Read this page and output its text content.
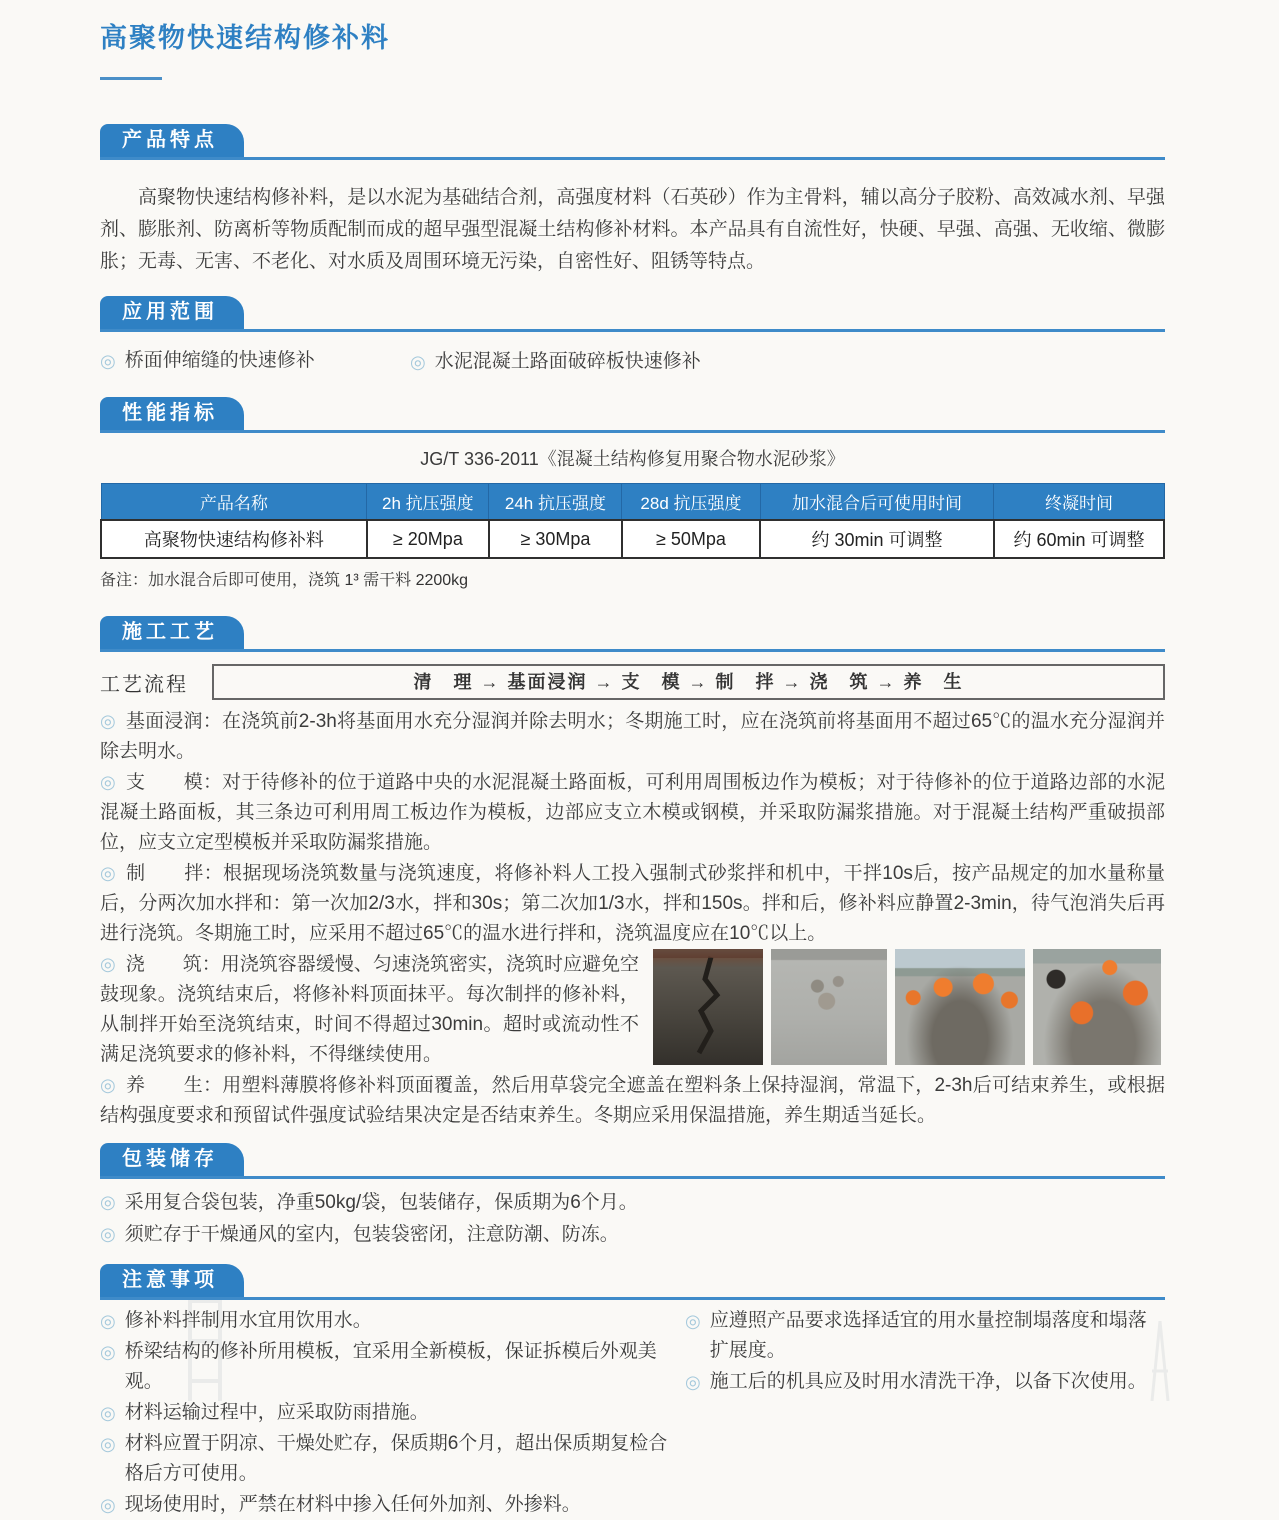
高聚物快速结构修补料
产品特点

高聚物快速结构修补料，是以水泥为基础结合剂，高强度材料（石英砂）作为主骨料，辅以高分子胶粉、高效减水剂、早强剂、膨胀剂、防离析等物质配制而成的超早强型混凝土结构修补材料。本产品具有自流性好，快硬、早强、高强、无收缩、微膨胀；无毒、无害、不老化、对水质及周围环境无污染，自密性好、阻锈等特点。

应用范围
◎ 桥面伸缩缝的快速修补	◎ 水泥混凝土路面破碎板快速修补
性能指标
JG/T 336-2011《混凝土结构修复用聚合物水泥砂浆》
产品名称	2h 抗压强度	24h 抗压强度	28d 抗压强度	加水混合后可使用时间	终凝时间
高聚物快速结构修补料	≥ 20Mpa	≥ 30Mpa	≥ 50Mpa	约 30min 可调整	约 60min 可调整
备注：加水混合后即可使用，浇筑 1³ 需干料 2200kg
施工工艺
工艺流程	清　理 → 基面浸润 → 支　模 → 制　拌 → 浇　筑 → 养　生

◎ 基面浸润：在浇筑前2-3h将基面用水充分湿润并除去明水；冬期施工时，应在浇筑前将基面用不超过65℃的温水充分湿润并除去明水。

◎ 支　　模：对于待修补的位于道路中央的水泥混凝土路面板，可利用周围板边作为模板；对于待修补的位于道路边部的水泥混凝土路面板，其三条边可利用周工板边作为模板，边部应支立木模或钢模，并采取防漏浆措施。对于混凝土结构严重破损部位，应支立定型模板并采取防漏浆措施。

◎ 制　　拌：根据现场浇筑数量与浇筑速度，将修补料人工投入强制式砂浆拌和机中，干拌10s后，按产品规定的加水量称量后，分两次加水拌和：第一次加2/3水，拌和30s；第二次加1/3水，拌和150s。拌和后，修补料应静置2-3min，待气泡消失后再进行浇筑。冬期施工时，应采用不超过65℃的温水进行拌和，浇筑温度应在10℃以上。

◎ 浇　　筑：用浇筑容器缓慢、匀速浇筑密实，浇筑时应避免空鼓现象。浇筑结束后，将修补料顶面抹平。每次制拌的修补料，从制拌开始至浇筑结束，时间不得超过30min。超时或流动性不满足浇筑要求的修补料，不得继续使用。

◎ 养　　生：用塑料薄膜将修补料顶面覆盖，然后用草袋完全遮盖在塑料条上保持湿润，常温下，2-3h后可结束养生，或根据结构强度要求和预留试件强度试验结果决定是否结束养生。冬期应采用保温措施，养生期适当延长。

包装储存
◎ 采用复合袋包装，净重50kg/袋，包装储存，保质期为6个月。
◎ 须贮存于干燥通风的室内，包装袋密闭，注意防潮、防冻。
注意事项
◎ 修补料拌制用水宜用饮用水。
◎ 桥梁结构的修补所用模板，宜采用全新模板，保证拆模后外观美观。
◎ 材料运输过程中，应采取防雨措施。
◎ 材料应置于阴凉、干燥处贮存，保质期6个月，超出保质期复检合格后方可使用。
◎ 现场使用时，严禁在材料中掺入任何外加剂、外掺料。
◎ 应遵照产品要求选择适宜的用水量控制塌落度和塌落扩展度。
◎ 施工后的机具应及时用水清洗干净，以备下次使用。
